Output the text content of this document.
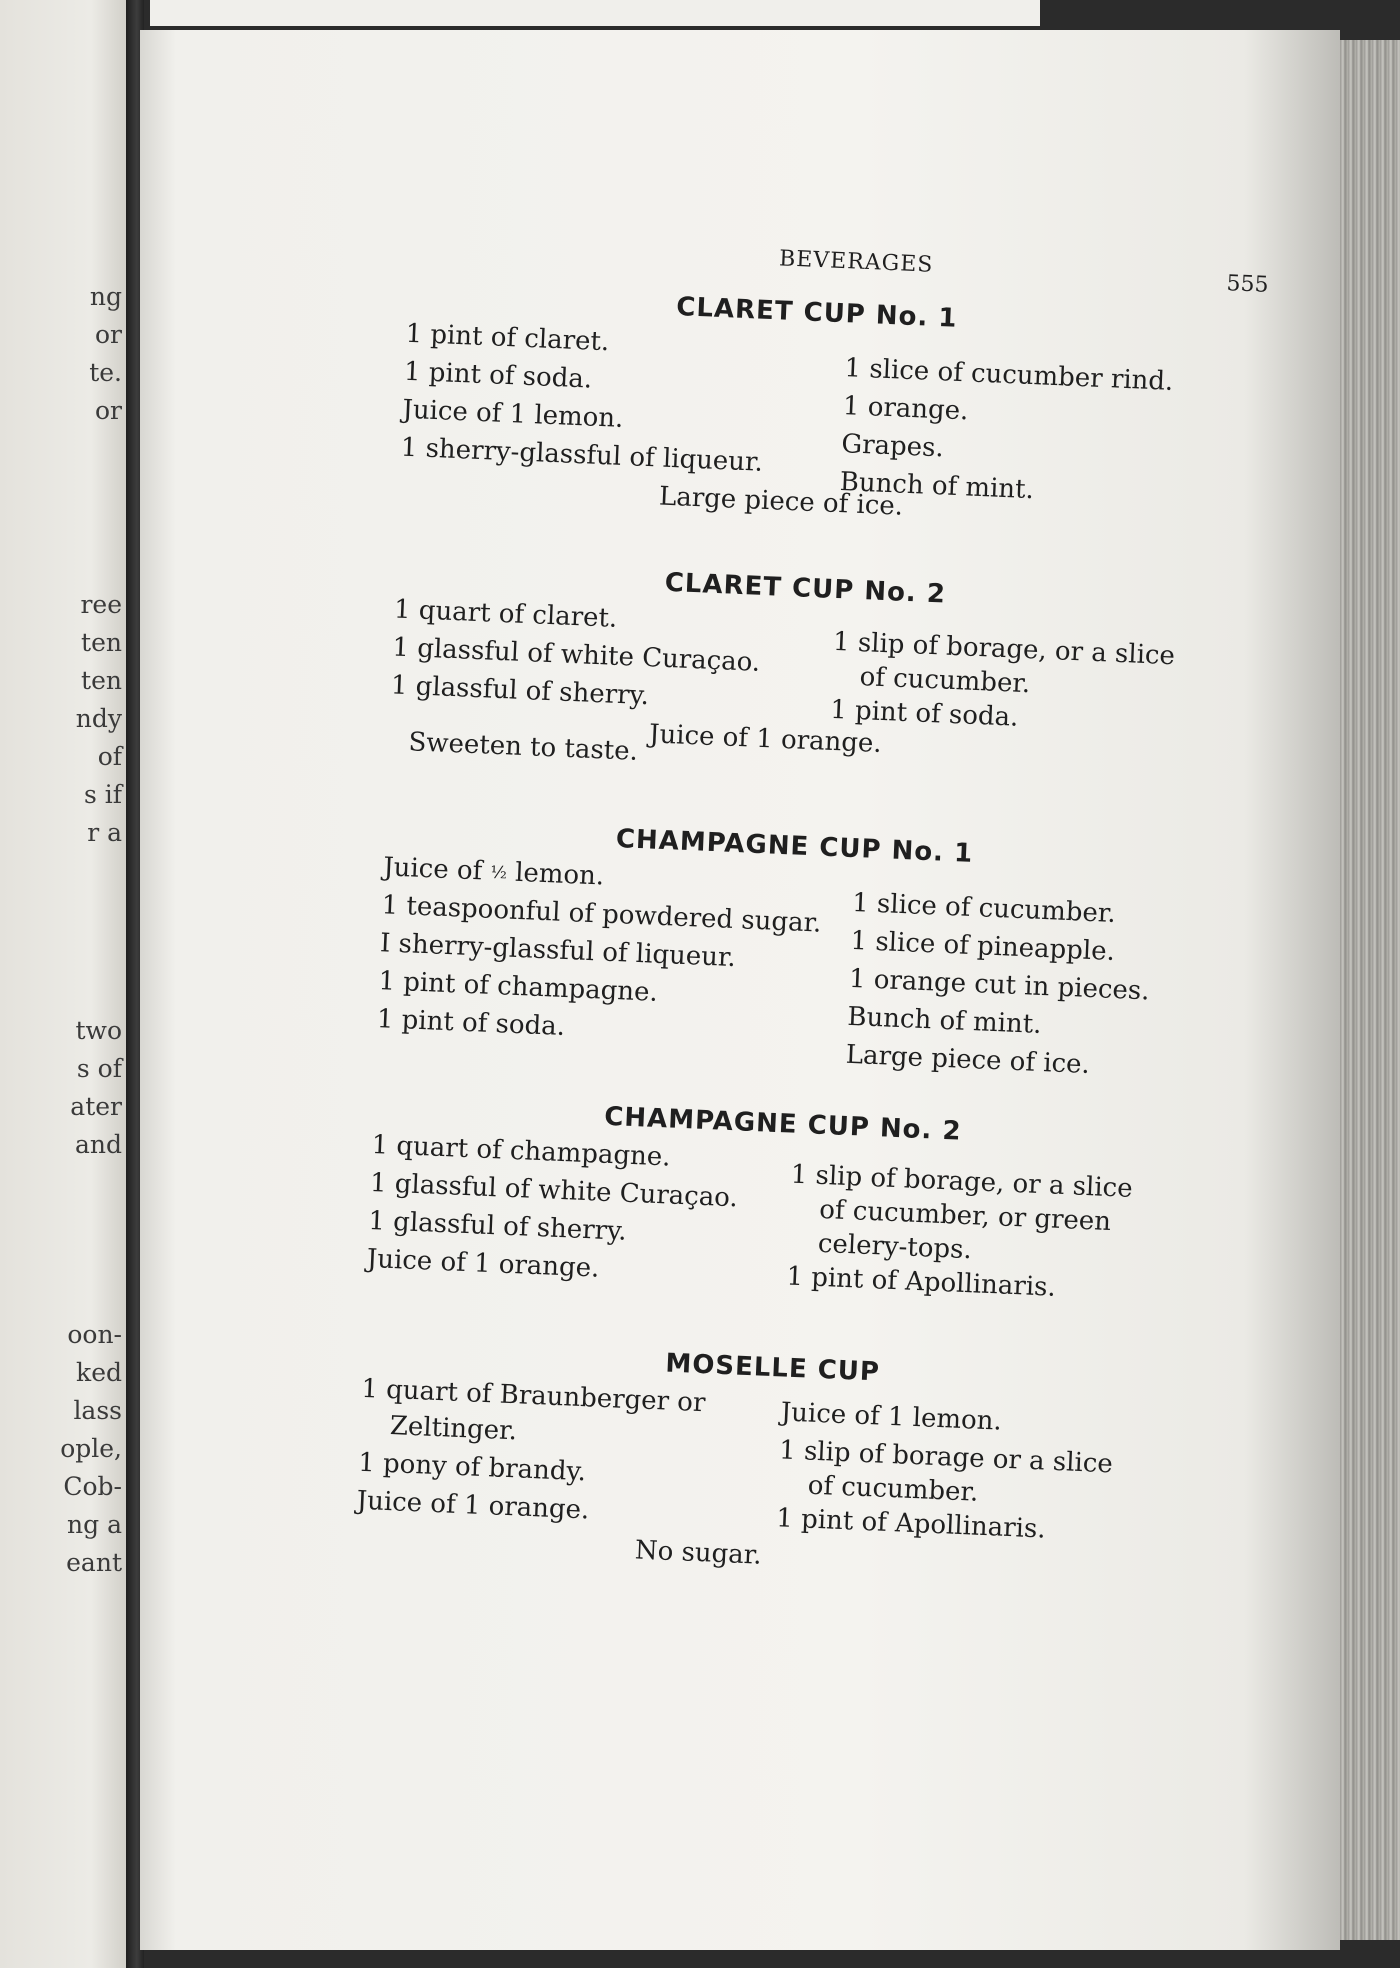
ng
or
te.
or
ree
ten
ten
ndy
of
s if
r a
two
s of
ater
and
oon-
ked
lass
ople,
Cob-
ng a
eant
BEVERAGES
555
CLARET CUP No. 1
1 pint of claret.
1 pint of soda.
Juice of 1 lemon.
1 sherry-glassful of liqueur.
1 slice of cucumber rind.
1 orange.
Grapes.
Bunch of mint.
Large piece of ice.
CLARET CUP No. 2
1 quart of claret.
1 glassful of white Curaçao.
1 glassful of sherry.
1 slip of borage, or a slice
of cucumber.
1 pint of soda.
Juice of 1 orange.
Sweeten to taste.
CHAMPAGNE CUP No. 1
Juice of ½ lemon.
1 teaspoonful of powdered sugar.
I sherry-glassful of liqueur.
1 pint of champagne.
1 pint of soda.
1 slice of cucumber.
1 slice of pineapple.
1 orange cut in pieces.
Bunch of mint.
Large piece of ice.
CHAMPAGNE CUP No. 2
1 quart of champagne.
1 glassful of white Curaçao.
1 glassful of sherry.
Juice of 1 orange.
1 slip of borage, or a slice
of cucumber, or green
celery-tops.
1 pint of Apollinaris.
MOSELLE CUP
1 quart of Braunberger or
Zeltinger.
1 pony of brandy.
Juice of 1 orange.
Juice of 1 lemon.
1 slip of borage or a slice
of cucumber.
1 pint of Apollinaris.
No sugar.
